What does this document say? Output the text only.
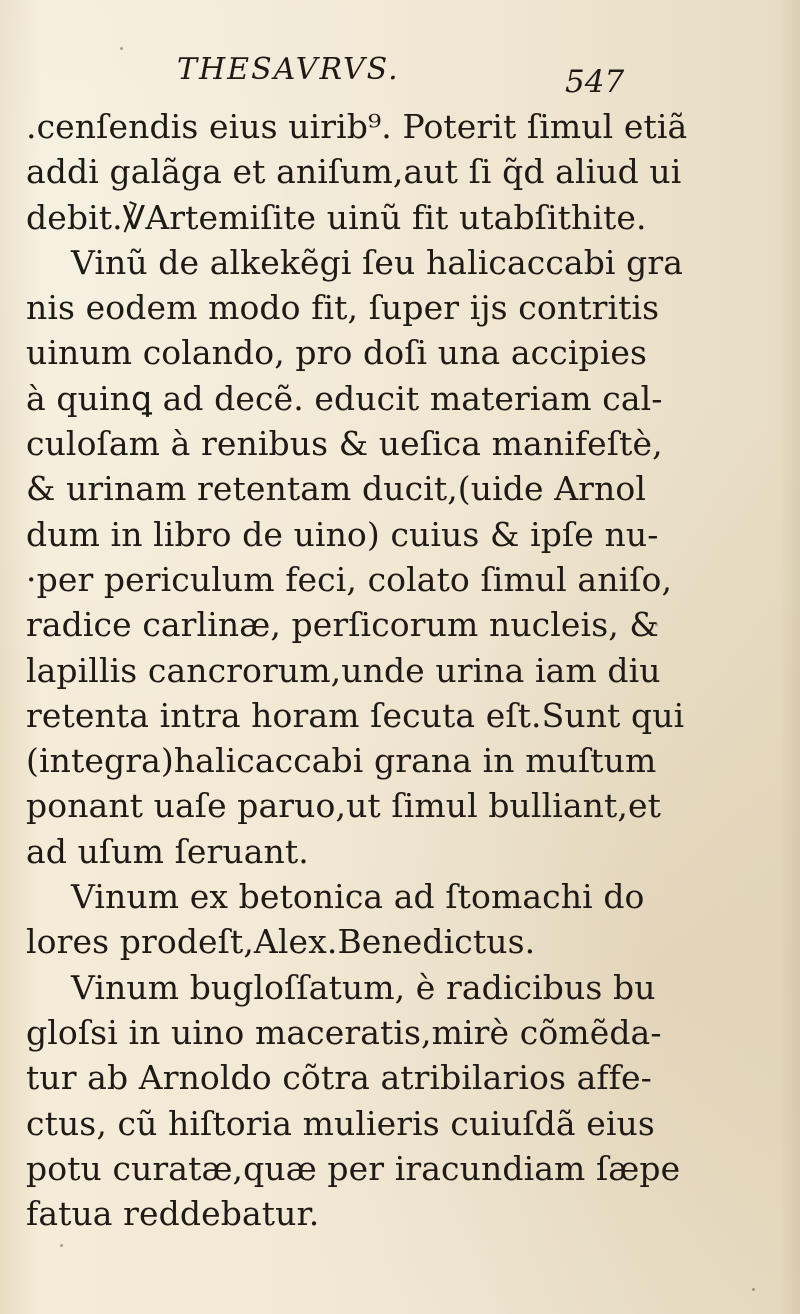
THESAVRVS.	547
.cenſendis eius uirib⁹. Poterit ſimul etiã
addi galãga et aniſum,aut ſi q̃d aliud ui
debit.℣Artemiſite uinũ fit utabſithite.
Vinũ de alkekẽgi ſeu halicaccabi gra
nis eodem modo fit, ſuper ijs contritis
uinum colando, pro doſi una accipies
à quinꝗ ad decẽ. educit materiam cal-
culoſam à renibus & ueſica manifeſtè,
& urinam retentam ducit,(uide Arnol
dum in libro de uino) cuius & ipſe nu-
·per periculum feci, colato ſimul aniſo,
radice carlinæ, perſicorum nucleis, &
lapillis cancrorum,unde urina iam diu
retenta intra horam ſecuta eſt.Sunt qui
(integra)halicaccabi grana in muſtum
ponant uaſe paruo,ut ſimul bulliant,et
ad uſum ſeruant.
Vinum ex betonica ad ſtomachi do
lores prodeſt,Alex.Benedictus.
Vinum bugloſſatum, è radicibus bu
gloſsi in uino maceratis,mirè cõmẽda-
tur ab Arnoldo cõtra atribilarios affe-
ctus, cũ hiſtoria mulieris cuiuſdã eius
potu curatæ,quæ per iracundiam ſæpe
fatua reddebatur.
